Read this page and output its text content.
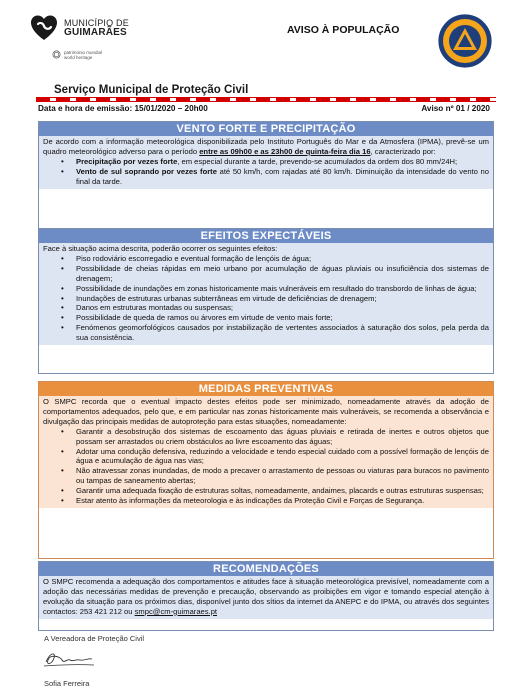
MUNICÍPIO DE
GUIMARÃES
património mundial
world heritage
AVISO À POPULAÇÃO
Serviço Municipal de Proteção Civil
Data e hora de emissão: 15/01/2020 – 20h00	Aviso nº 01 / 2020
VENTO FORTE E PRECIPITAÇÃO

De acordo com a informação meteorológica disponibilizada pelo Instituto Português do Mar e da Atmosfera (IPMA), prevê-se um quadro meteorológico adverso para o período entre as 09h00 e as 23h00 de quinta-feira dia 16, caracterizado por:

• Precipitação por vezes forte, em especial durante a tarde, prevendo-se acumulados da ordem dos 80 mm/24H;
• Vento de sul soprando por vezes forte até 50 km/h, com rajadas até 80 km/h. Diminuição da intensidade do vento no final da tarde.
EFEITOS EXPECTÁVEIS

Face à situação acima descrita, poderão ocorrer os seguintes efeitos:

• Piso rodoviário escorregadio e eventual formação de lençóis de água;
• Possibilidade de cheias rápidas em meio urbano por acumulação de águas pluviais ou insuficiência dos sistemas de drenagem;
• Possibilidade de inundações em zonas historicamente mais vulneráveis em resultado do transbordo de linhas de água;
• Inundações de estruturas urbanas subterrâneas em virtude de deficiências de drenagem;
• Danos em estruturas montadas ou suspensas;
• Possibilidade de queda de ramos ou árvores em virtude de vento mais forte;
• Fenómenos geomorfológicos causados por instabilização de vertentes associados à saturação dos solos, pela perda da sua consistência.
MEDIDAS PREVENTIVAS

O SMPC recorda que o eventual impacto destes efeitos pode ser minimizado, nomeadamente através da adoção de comportamentos adequados, pelo que, e em particular nas zonas historicamente mais vulneráveis, se recomenda a observância e divulgação das principais medidas de autoproteção para estas situações, nomeadamente:

• Garantir a desobstrução dos sistemas de escoamento das águas pluviais e retirada de inertes e outros objetos que possam ser arrastados ou criem obstáculos ao livre escoamento das águas;
• Adotar uma condução defensiva, reduzindo a velocidade e tendo especial cuidado com a possível formação de lençóis de água e acumulação de água nas vias;
• Não atravessar zonas inundadas, de modo a precaver o arrastamento de pessoas ou viaturas para buracos no pavimento ou tampas de saneamento abertas;
• Garantir uma adequada fixação de estruturas soltas, nomeadamente, andaimes, placards e outras estruturas suspensas;
• Estar atento às informações da meteorologia e às indicações da Proteção Civil e Forças de Segurança.
RECOMENDAÇÕES

O SMPC recomenda a adequação dos comportamentos e atitudes face à situação meteorológica previsível, nomeadamente com a adoção das necessárias medidas de prevenção e precaução, observando as proibições em vigor e tomando especial atenção à evolução da situação para os próximos dias, disponível junto dos sítios da internet da ANEPC e do IPMA, ou através dos seguintes contactos: 253 421 212 ou smpc@cm-guimaraes.pt

A Vereadora de Proteção Civil
Sofia Ferreira
